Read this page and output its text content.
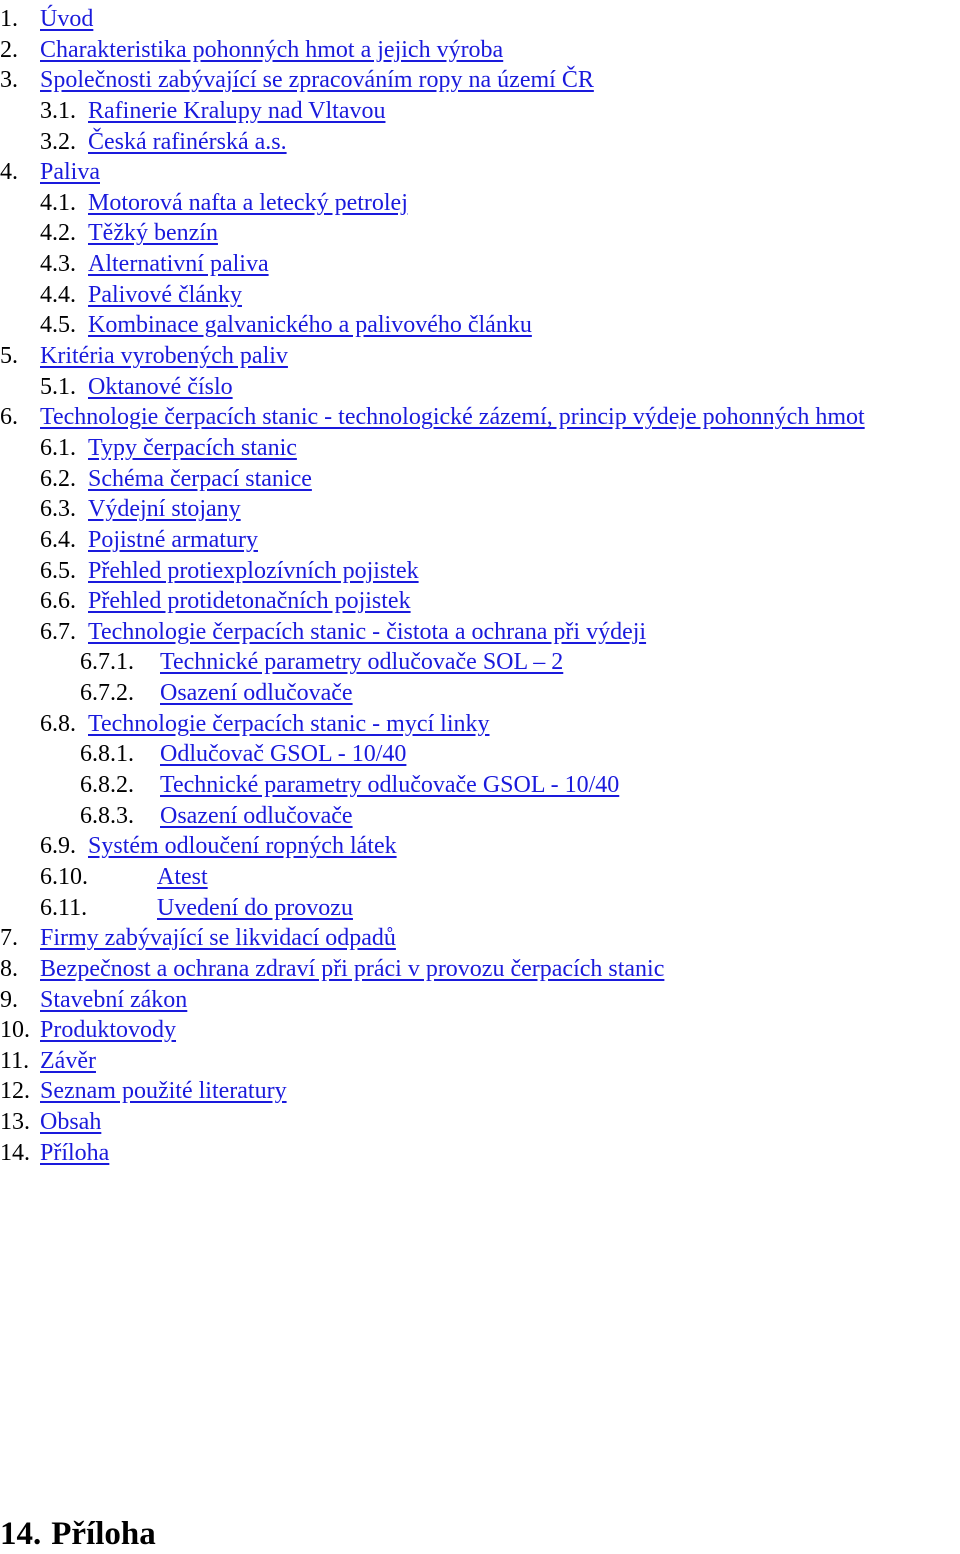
1. Úvod
2. Charakteristika pohonných hmot a jejich výroba
3. Společnosti zabývající se zpracováním ropy na území ČR
3.1. Rafinerie Kralupy nad Vltavou
3.2. Česká rafinérská a.s.
4. Paliva
4.1. Motorová nafta a letecký petrolej
4.2. Těžký benzín
4.3. Alternativní paliva
4.4. Palivové články
4.5. Kombinace galvanického a palivového článku
5. Kritéria vyrobených paliv
5.1. Oktanové číslo
6. Technologie čerpacích stanic - technologické zázemí, princip výdeje pohonných hmot
6.1. Typy čerpacích stanic
6.2. Schéma čerpací stanice
6.3. Výdejní stojany
6.4. Pojistné armatury
6.5. Přehled protiexplozívních pojistek
6.6. Přehled protidetonačních pojistek
6.7. Technologie čerpacích stanic - čistota a ochrana při výdeji
6.7.1. Technické parametry odlučovače SOL – 2
6.7.2. Osazení odlučovače
6.8. Technologie čerpacích stanic - mycí linky
6.8.1. Odlučovač GSOL - 10/40
6.8.2. Technické parametry odlučovače GSOL - 10/40
6.8.3. Osazení odlučovače
6.9. Systém odloučení ropných látek
6.10.	Atest
6.11.	Uvedení do provozu
7. Firmy zabývající se likvidací odpadů
8. Bezpečnost a ochrana zdraví při práci v provozu čerpacích stanic
9. Stavební zákon
10. Produktovody
11. Závěr
12. Seznam použité literatury
13. Obsah
14. Příloha
14. Příloha
